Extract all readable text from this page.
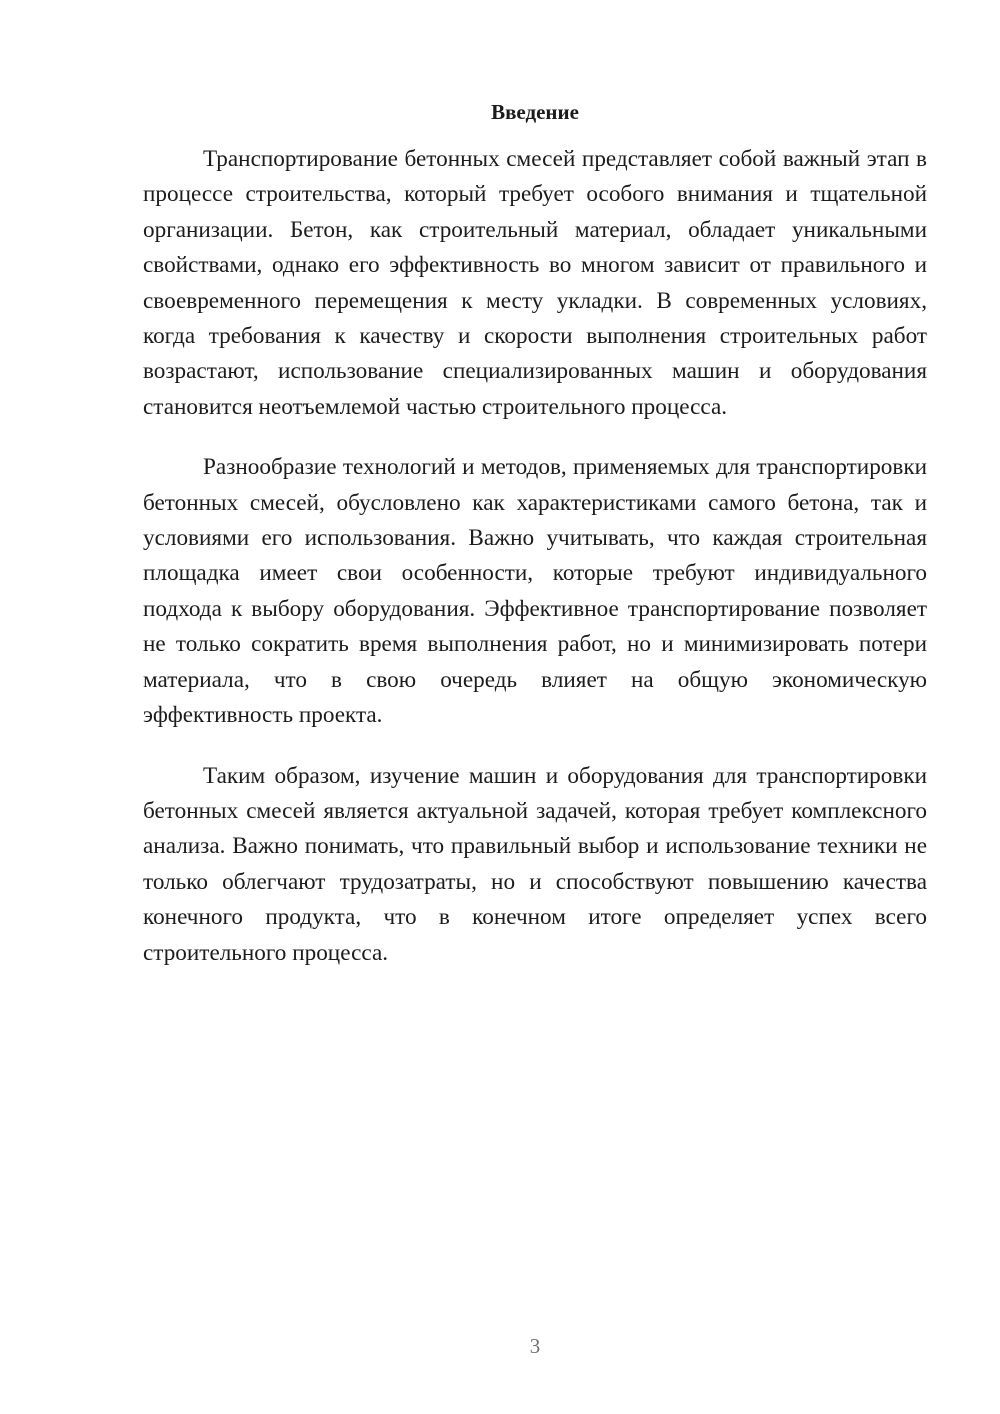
Введение

Транспортирование бетонных смесей представляет собой важный этап в процессе строительства, который требует особого внимания и тщательной организации. Бетон, как строительный материал, обладает уникальными свойствами, однако его эффективность во многом зависит от правильного и своевременного перемещения к месту укладки. В современных условиях, когда требования к качеству и скорости выполнения строительных работ возрастают, использование специализированных машин и оборудования становится неотъемлемой частью строительного процесса.

Разнообразие технологий и методов, применяемых для транспортировки бетонных смесей, обусловлено как характеристиками самого бетона, так и условиями его использования. Важно учитывать, что каждая строительная площадка имеет свои особенности, которые требуют индивидуального подхода к выбору оборудования. Эффективное транспортирование позволяет не только сократить время выполнения работ, но и минимизировать потери материала, что в свою очередь влияет на общую экономическую эффективность проекта.

Таким образом, изучение машин и оборудования для транспортировки бетонных смесей является актуальной задачей, которая требует комплексного анализа. Важно понимать, что правильный выбор и использование техники не только облегчают трудозатраты, но и способствуют повышению качества конечного продукта, что в конечном итоге определяет успех всего строительного процесса.

3
